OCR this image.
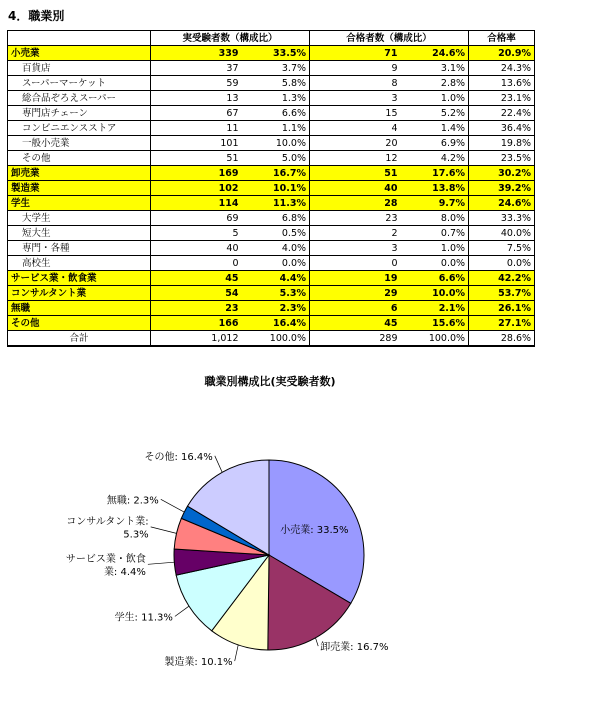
4．職業別
	実受験者数（構成比）			合格者数（構成比）			合格率
小売業		339	33.5%		71	24.6%	20.9%
百貨店		37	3.7%		9	3.1%	24.3%
スーパーマーケット		59	5.8%		8	2.8%	13.6%
総合品ぞろえスーパー		13	1.3%		3	1.0%	23.1%
専門店チェーン		67	6.6%		15	5.2%	22.4%
コンビニエンスストア		11	1.1%		4	1.4%	36.4%
一般小売業		101	10.0%		20	6.9%	19.8%
その他		51	5.0%		12	4.2%	23.5%
卸売業		169	16.7%		51	17.6%	30.2%
製造業		102	10.1%		40	13.8%	39.2%
学生		114	11.3%		28	9.7%	24.6%
大学生		69	6.8%		23	8.0%	33.3%
短大生		5	0.5%		2	0.7%	40.0%
専門・各種		40	4.0%		3	1.0%	7.5%
高校生		0	0.0%		0	0.0%	0.0%
サービス業・飲食業		45	4.4%		19	6.6%	42.2%
コンサルタント業		54	5.3%		29	10.0%	53.7%
無職		23	2.3%		6	2.1%	26.1%
その他		166	16.4%		45	15.6%	27.1%
合計		1,012	100.0%		289	100.0%	28.6%
職業別構成比(実受験者数)
小売業: 33.5%
卸売業: 16.7%
製造業: 10.1%
学生: 11.3%
サービス業・飲食
業: 4.4%
コンサルタント業:
5.3%
無職: 2.3%
その他: 16.4%
